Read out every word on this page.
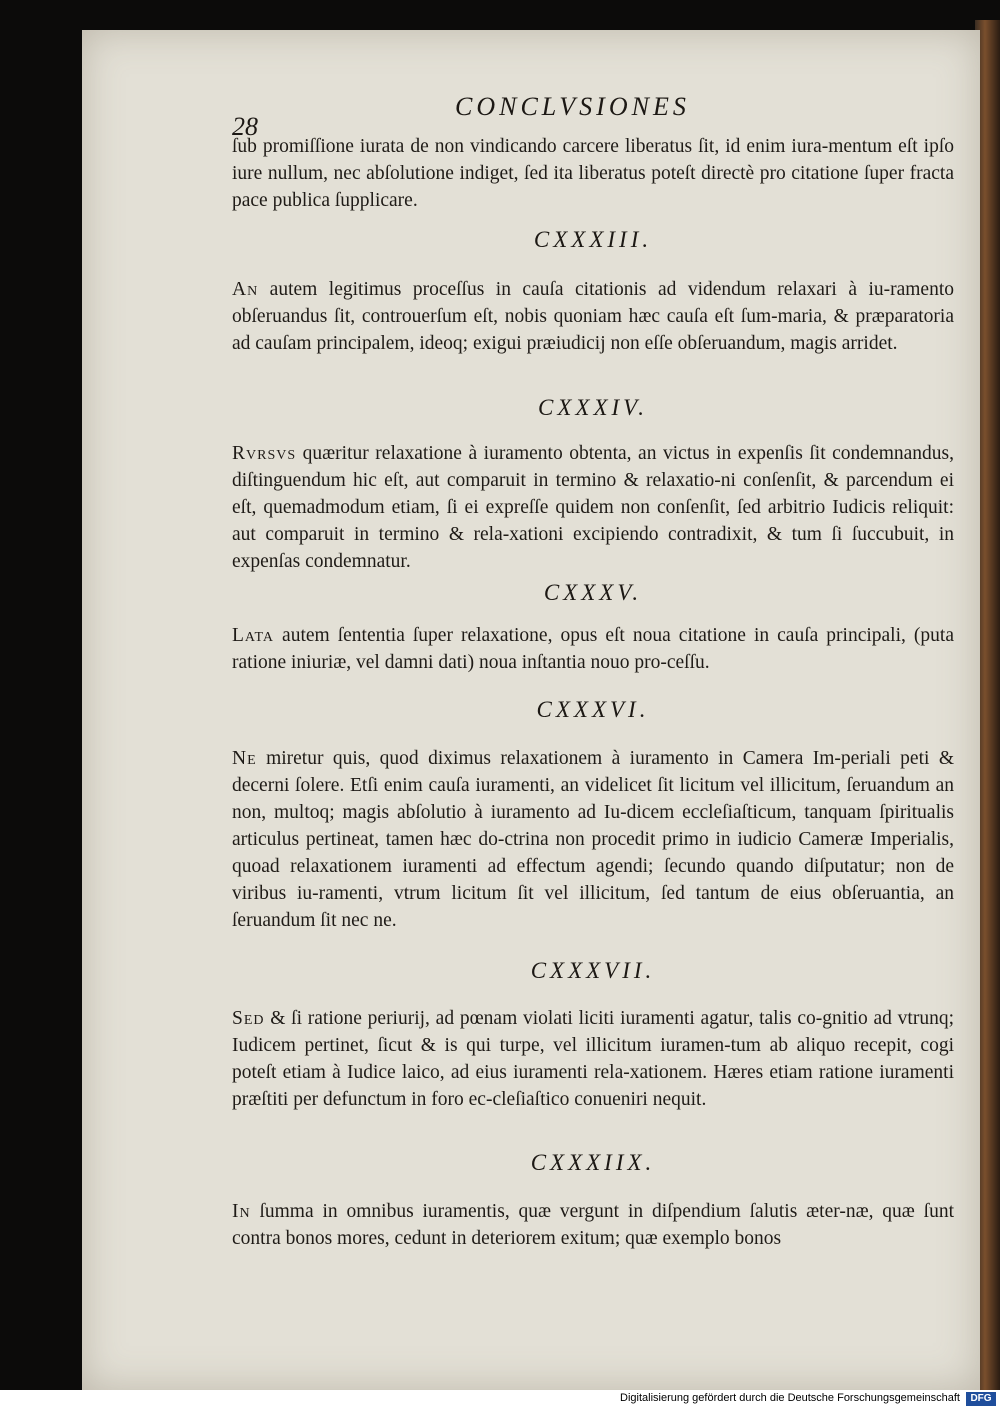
28
CONCLVSIONES

ſub promiſſione iurata de non vindicando carcere liberatus ſit, id enim iura-mentum eſt ipſo iure nullum, nec abſolutione indiget, ſed ita liberatus poteſt directè pro citatione ſuper fracta pace publica ſupplicare.

CXXXIII.

An autem legitimus proceſſus in cauſa citationis ad videndum relaxari à iu-ramento obſeruandus ſit, controuerſum eſt, nobis quoniam hæc cauſa eſt ſum-maria, & præparatoria ad cauſam principalem, ideoq; exigui præiudicij non eſſe obſeruandum, magis arridet.

CXXXIV.

Rvrsvs quæritur relaxatione à iuramento obtenta, an victus in expenſis ſit condemnandus, diſtinguendum hic eſt, aut comparuit in termino & relaxatio-ni conſenſit, & parcendum ei eſt, quemadmodum etiam, ſi ei expreſſe quidem non conſenſit, ſed arbitrio Iudicis reliquit: aut comparuit in termino & rela-xationi excipiendo contradixit, & tum ſi ſuccubuit, in expenſas condemnatur.

CXXXV.

Lata autem ſententia ſuper relaxatione, opus eſt noua citatione in cauſa principali, (puta ratione iniuriæ, vel damni dati) noua inſtantia nouo pro-ceſſu.

CXXXVI.

Ne miretur quis, quod diximus relaxationem à iuramento in Camera Im-periali peti & decerni ſolere. Etſi enim cauſa iuramenti, an videlicet ſit licitum vel illicitum, ſeruandum an non, multoq; magis abſolutio à iuramento ad Iu-dicem eccleſiaſticum, tanquam ſpiritualis articulus pertineat, tamen hæc do-ctrina non procedit primo in iudicio Cameræ Imperialis, quoad relaxationem iuramenti ad effectum agendi; ſecundo quando diſputatur; non de viribus iu-ramenti, vtrum licitum ſit vel illicitum, ſed tantum de eius obſeruantia, an ſeruandum ſit nec ne.

CXXXVII.

Sed & ſi ratione periurij, ad pœnam violati liciti iuramenti agatur, talis co-gnitio ad vtrunq; Iudicem pertinet, ſicut & is qui turpe, vel illicitum iuramen-tum ab aliquo recepit, cogi poteſt etiam à Iudice laico, ad eius iuramenti rela-xationem. Hæres etiam ratione iuramenti præſtiti per defunctum in foro ec-cleſiaſtico conueniri nequit.

CXXXIIX.

In ſumma in omnibus iuramentis, quæ vergunt in diſpendium ſalutis æter-næ, quæ ſunt contra bonos mores, cedunt in deteriorem exitum; quæ exemplo bonos

Digitalisierung gefördert durch die Deutsche Forschungsgemeinschaft	DFG
